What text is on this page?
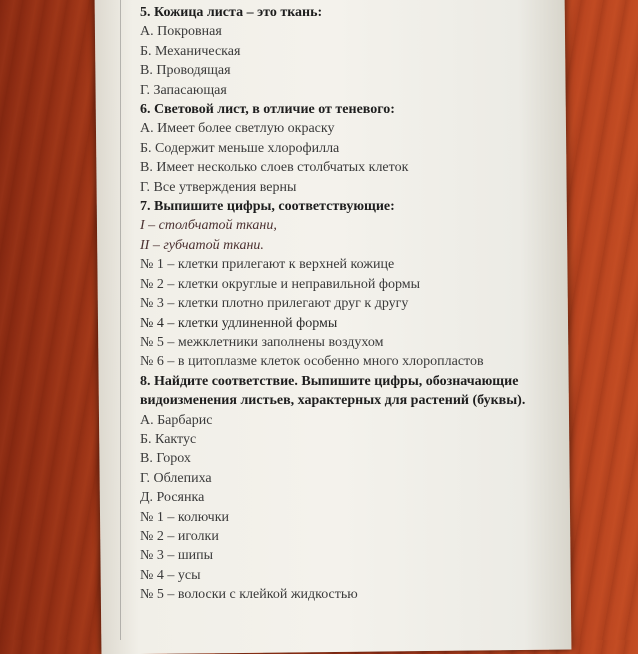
5. Кожица листа – это ткань:
А. Покровная
Б. Механическая
В. Проводящая
Г. Запасающая
6. Световой лист, в отличие от теневого:
А. Имеет более светлую окраску
Б. Содержит меньше хлорофилла
В. Имеет несколько слоев столбчатых клеток
Г. Все утверждения верны
7. Выпишите цифры, соответствующие:
I – столбчатой ткани,
II – губчатой ткани.
№ 1 – клетки прилегают к верхней кожице
№ 2 – клетки округлые и неправильной формы
№ 3 – клетки плотно прилегают друг к другу
№ 4 – клетки удлиненной формы
№ 5 – межклетники заполнены воздухом
№ 6 – в цитоплазме клеток особенно много хлоропластов
8. Найдите соответствие. Выпишите цифры, обозначающие видоизменения листьев, характерных для растений (буквы).
А. Барбарис
Б. Кактус
В. Горох
Г. Облепиха
Д. Росянка
№ 1 – колючки
№ 2 – иголки
№ 3 – шипы
№ 4 – усы
№ 5 – волоски с клейкой жидкостью
